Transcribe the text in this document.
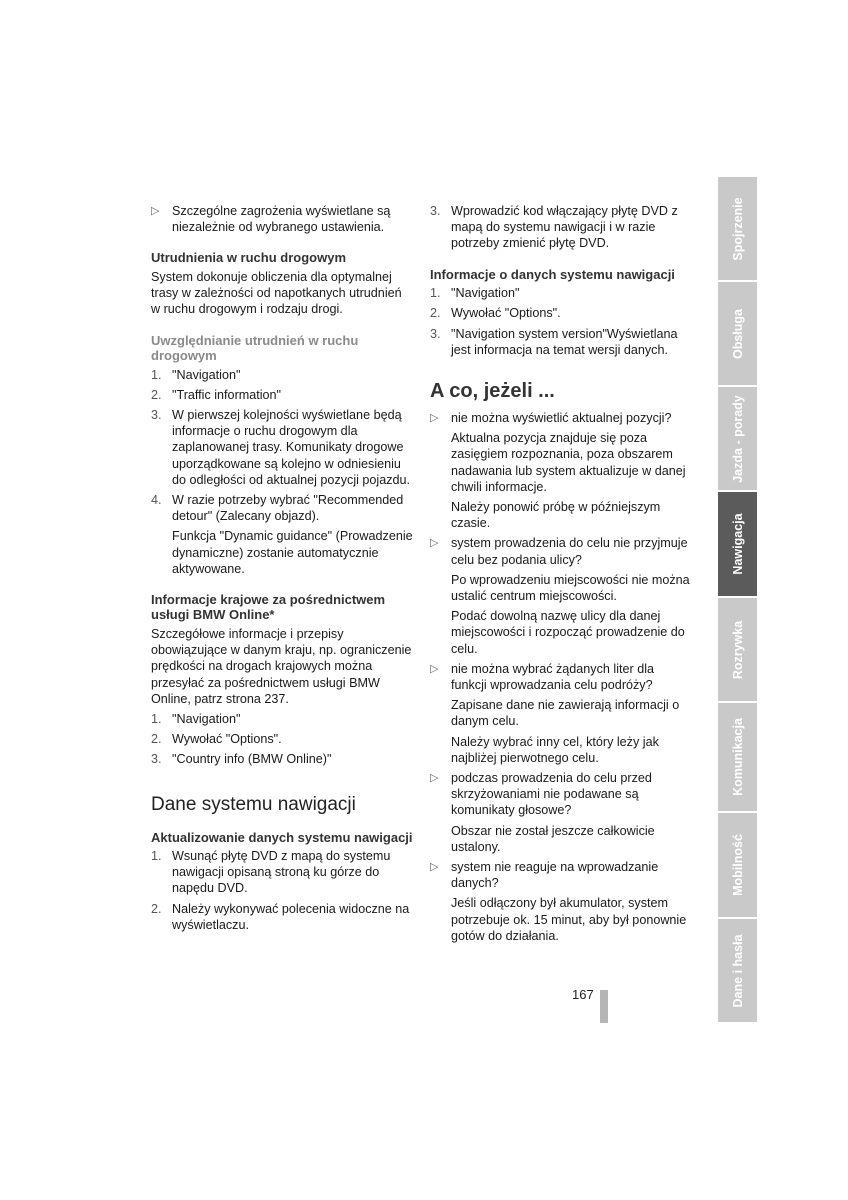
▷ Szczególne zagrożenia wyświetlane są niezależnie od wybranego ustawienia.

Utrudnienia w ruchu drogowym

System dokonuje obliczenia dla optymalnej trasy w zależności od napotkanych utrudnień w ruchu drogowym i rodzaju drogi.

Uwzględnianie utrudnień w ruchu drogowym
1. "Navigation"

2. "Traffic information"

3. W pierwszej kolejności wyświetlane będą informacje o ruchu drogowym dla zaplanowanej trasy. Komunikaty drogowe uporządkowane są kolejno w odniesieniu do odległości od aktualnej pozycji pojazdu.

4. W razie potrzeby wybrać "Recommended detour" (Zalecany objazd).

Funkcja "Dynamic guidance" (Prowadzenie dynamiczne) zostanie automatycznie aktywowane.

Informacje krajowe za pośrednictwem usługi BMW Online*

Szczegółowe informacje i przepisy obowiązujące w danym kraju, np. ograniczenie prędkości na drogach krajowych można przesyłać za pośrednictwem usługi BMW Online, patrz strona 237.

1. "Navigation"

2. Wywołać "Options".

3. "Country info (BMW Online)"

Dane systemu nawigacji
Aktualizowanie danych systemu nawigacji
1. Wsunąć płytę DVD z mapą do systemu nawigacji opisaną stroną ku górze do napędu DVD.

2. Należy wykonywać polecenia widoczne na wyświetlaczu.

3. Wprowadzić kod włączający płytę DVD z mapą do systemu nawigacji i w razie potrzeby zmienić płytę DVD.

Informacje o danych systemu nawigacji
1. "Navigation"

2. Wywołać "Options".

3. "Navigation system version"Wyświetlana jest informacja na temat wersji danych.

A co, jeżeli ...
▷ nie można wyświetlić aktualnej pozycji?

Aktualna pozycja znajduje się poza zasięgiem rozpoznania, poza obszarem nadawania lub system aktualizuje w danej chwili informacje.

Należy ponowić próbę w późniejszym czasie.

▷ system prowadzenia do celu nie przyjmuje celu bez podania ulicy?

Po wprowadzeniu miejscowości nie można ustalić centrum miejscowości.

Podać dowolną nazwę ulicy dla danej miejscowości i rozpocząć prowadzenie do celu.

▷ nie można wybrać żądanych liter dla funkcji wprowadzania celu podróży?

Zapisane dane nie zawierają informacji o danym celu.

Należy wybrać inny cel, który leży jak najbliżej pierwotnego celu.

▷ podczas prowadzenia do celu przed skrzyżowaniami nie podawane są komunikaty głosowe?

Obszar nie został jeszcze całkowicie ustalony.

▷ system nie reaguje na wprowadzanie danych?

Jeśli odłączony był akumulator, system potrzebuje ok. 15 minut, aby był ponownie gotów do działania.

Spojrzenie
Obsługa
Jazda - porady
Nawigacja
Rozrywka
Komunikacja
Mobilność
Dane i hasła
167
